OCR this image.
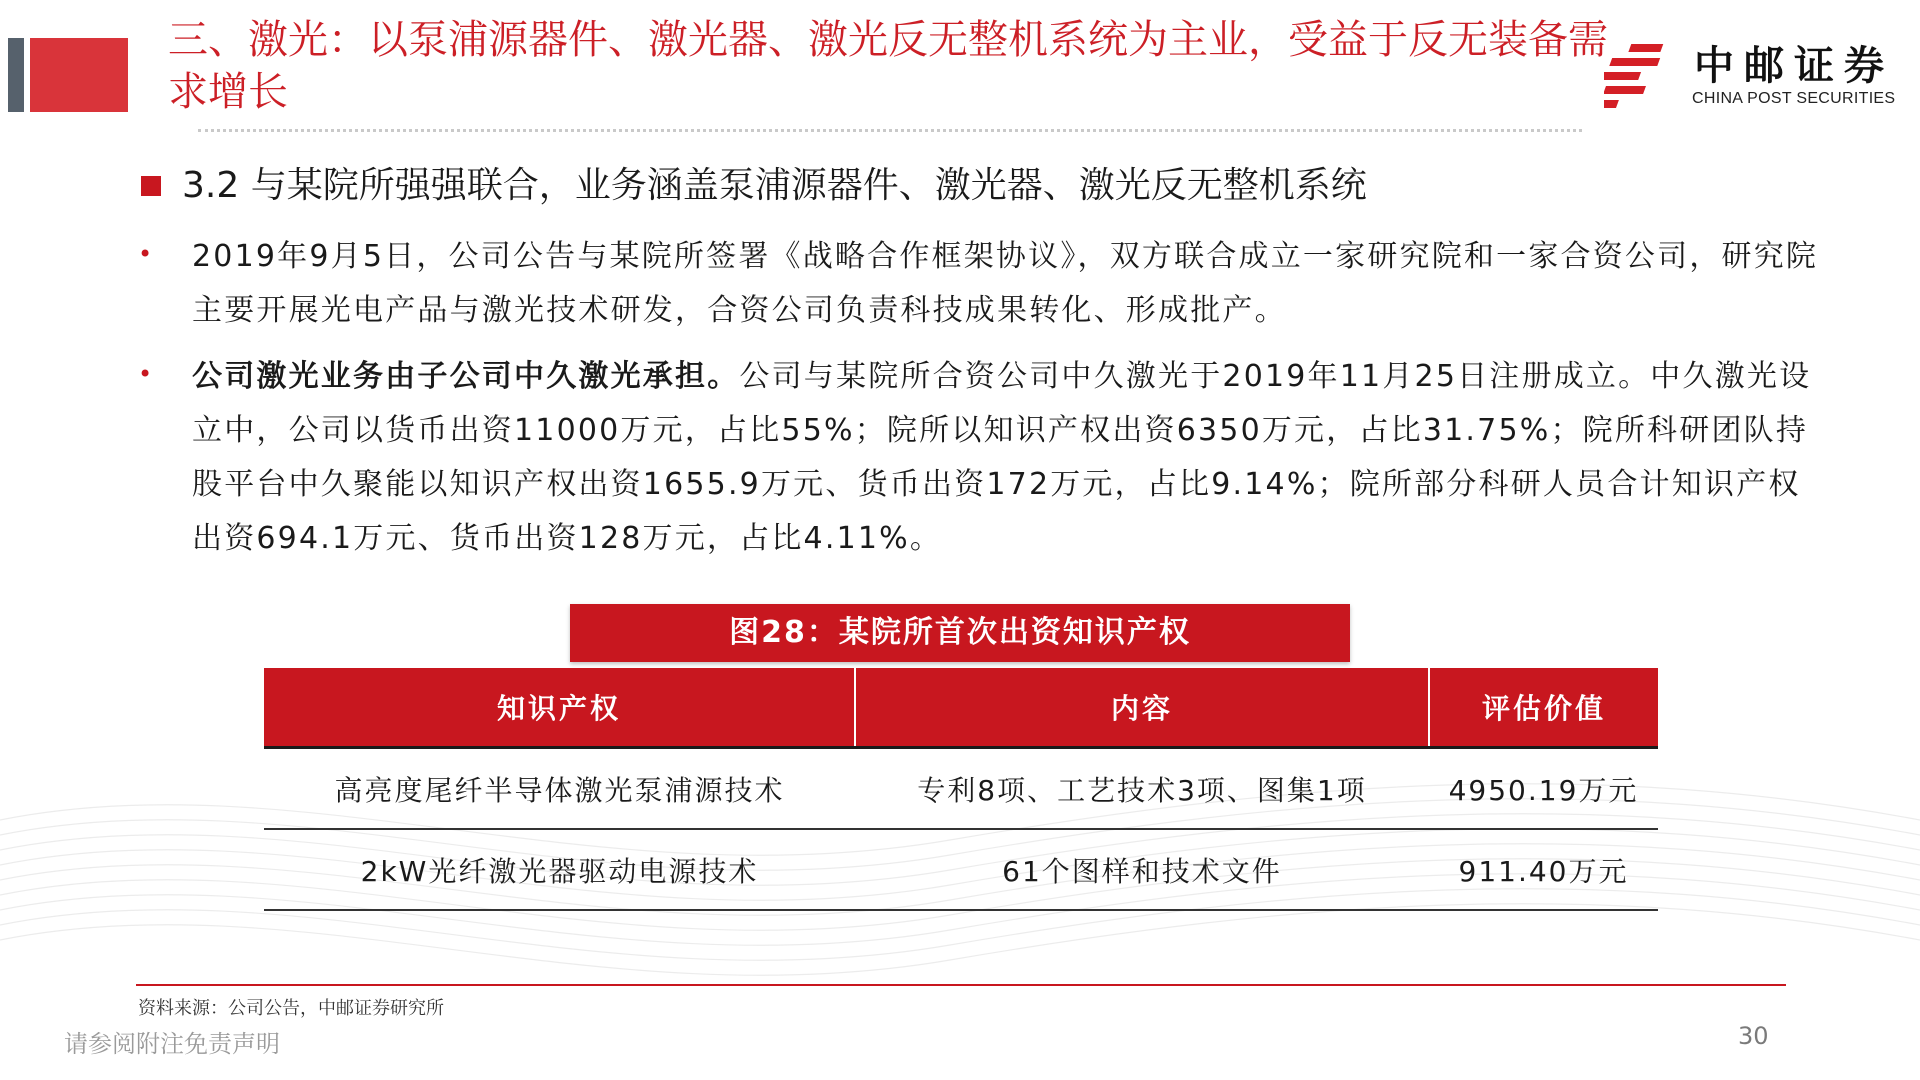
三、激光：以泵浦源器件、激光器、激光反无整机系统为主业，受益于反无装备需求增长
中邮证券
CHINA POST SECURITIES
3.2 与某院所强强联合，业务涵盖泵浦源器件、激光器、激光反无整机系统
• 2019年9月5日，公司公告与某院所签署《战略合作框架协议》，双方联合成立一家研究院和一家合资公司，研究院主要开展光电产品与激光技术研发，合资公司负责科技成果转化、形成批产。
• 公司激光业务由子公司中久激光承担。公司与某院所合资公司中久激光于2019年11月25日注册成立。中久激光设立中，公司以货币出资11000万元，占比55%；院所以知识产权出资6350万元，占比31.75%；院所科研团队持股平台中久聚能以知识产权出资1655.9万元、货币出资172万元，占比9.14%；院所部分科研人员合计知识产权出资694.1万元、货币出资128万元，占比4.11%。
图28：某院所首次出资知识产权
知识产权	内容	评估价值
高亮度尾纤半导体激光泵浦源技术	专利8项、工艺技术3项、图集1项	4950.19万元
2kW光纤激光器驱动电源技术	61个图样和技术文件	911.40万元
资料来源：公司公告，中邮证券研究所
请参阅附注免责声明	30
